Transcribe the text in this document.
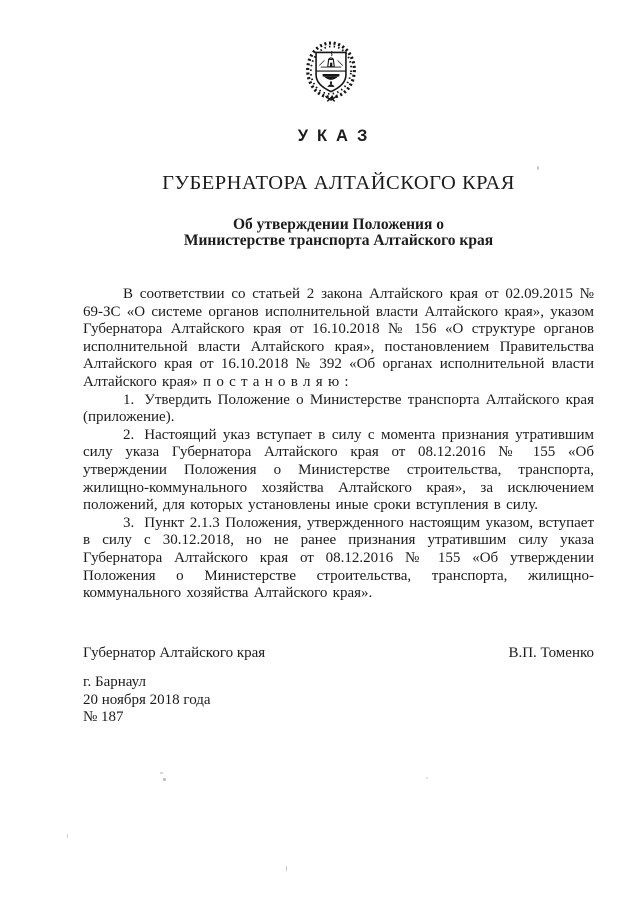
УКАЗ
ГУБЕРНАТОРА АЛТАЙСКОГО КРАЯ
Об утверждении Положения о
Министерстве транспорта Алтайского края

В соответствии со статьей 2 закона Алтайского края от 02.09.2015 № 69-ЗС «О системе органов исполнительной власти Алтайского края», указом Губернатора Алтайского края от 16.10.2018 № 156 «О структуре органов исполнительной власти Алтайского края», постановлением Правительства Алтайского края от 16.10.2018 № 392 «Об органах исполнительной власти Алтайского края» п о с т а н о в л я ю :

1. Утвердить Положение о Министерстве транспорта Алтайского края (приложение).

2. Настоящий указ вступает в силу с момента признания утратившим силу указа Губернатора Алтайского края от 08.12.2016 № 155 «Об утверждении Положения о Министерстве строительства, транспорта, жилищно-коммунального хозяйства Алтайского края», за исключением положений, для которых установлены иные сроки вступления в силу.

3. Пункт 2.1.3 Положения, утвержденного настоящим указом, вступает в силу с 30.12.2018, но не ранее признания утратившим силу указа Губернатора Алтайского края от 08.12.2016 № 155 «Об утверждении Положения о Министерстве строительства, транспорта, жилищно-коммунального хозяйства Алтайского края».

Губернатор Алтайского края	В.П. Томенко
г. Барнаул
20 ноября 2018 года
№ 187
